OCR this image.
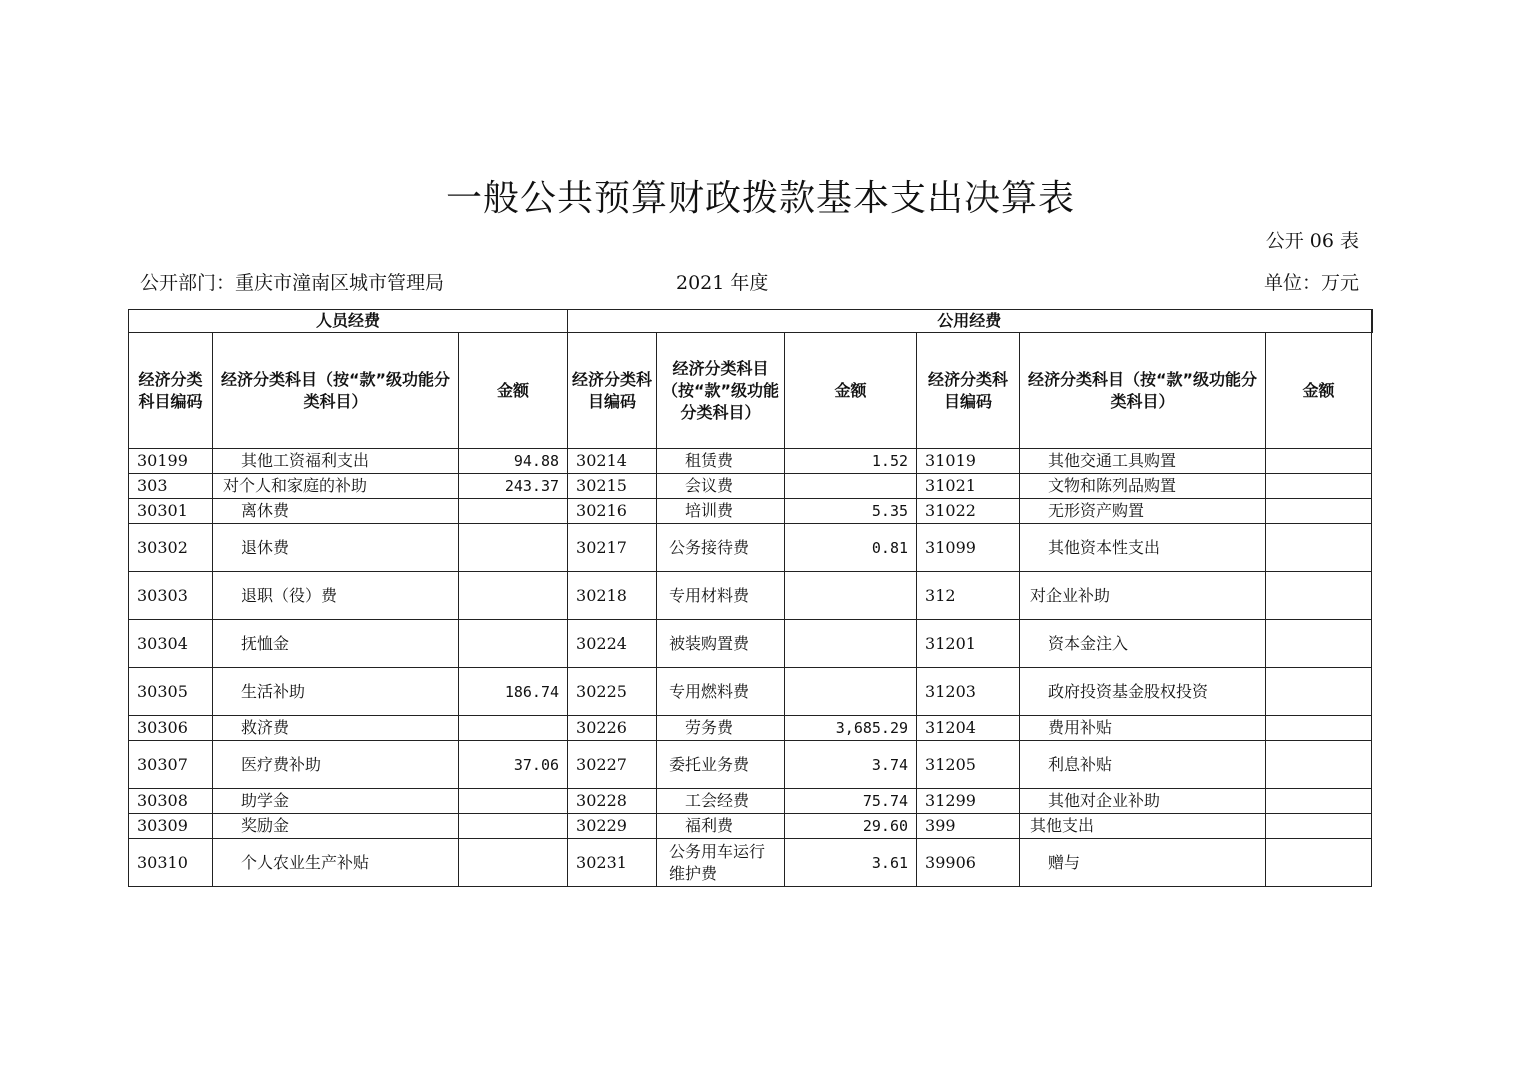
一般公共预算财政拨款基本支出决算表
公开 06 表
公开部门：重庆市潼南区城市管理局	2021 年度	单位：万元
人员经费			公用经费					
经济分类科目编码	经济分类科目（按“款”级功能分类科目）	金额	经济分类科目编码	经济分类科目（按“款”级功能分类科目）	金额	经济分类科目编码	经济分类科目（按“款”级功能分类科目）	金额
30199	其他工资福利支出	94.88	30214	租赁费	1.52	31019	其他交通工具购置	
303	对个人和家庭的补助	243.37	30215	会议费		31021	文物和陈列品购置	
30301	离休费		30216	培训费	5.35	31022	无形资产购置	
30302	退休费		30217	公务接待费	0.81	31099	其他资本性支出	
30303	退职（役）费		30218	专用材料费		312	对企业补助	
30304	抚恤金		30224	被装购置费		31201	资本金注入	
30305	生活补助	186.74	30225	专用燃料费		31203	政府投资基金股权投资	
30306	救济费		30226	劳务费	3,685.29	31204	费用补贴	
30307	医疗费补助	37.06	30227	委托业务费	3.74	31205	利息补贴	
30308	助学金		30228	工会经费	75.74	31299	其他对企业补助	
30309	奖励金		30229	福利费	29.60	399	其他支出	
30310	个人农业生产补贴		30231	公务用车运行维护费	3.61	39906	赠与	
